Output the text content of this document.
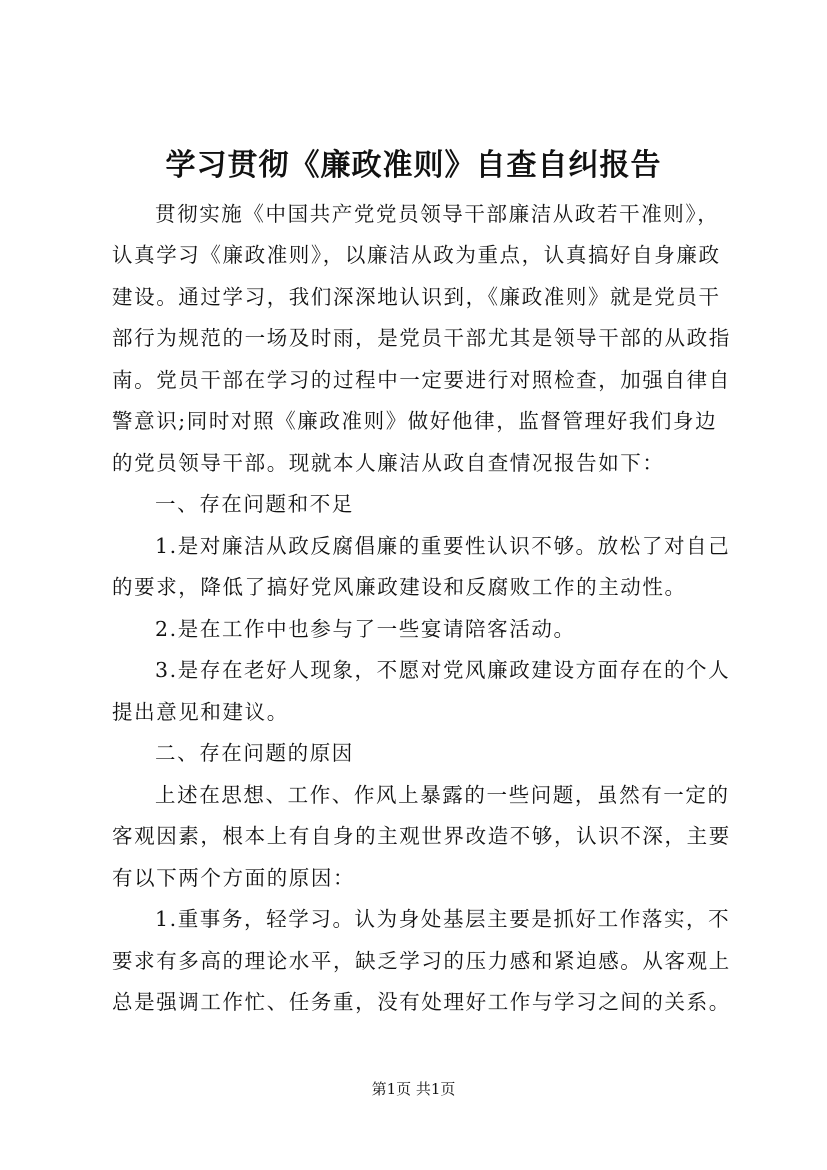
学习贯彻《廉政准则》自查自纠报告
贯彻实施《中国共产党党员领导干部廉洁从政若干准则》，
认真学习《廉政准则》，以廉洁从政为重点，认真搞好自身廉政
建设。通过学习，我们深深地认识到，《廉政准则》就是党员干
部行为规范的一场及时雨，是党员干部尤其是领导干部的从政指
南。党员干部在学习的过程中一定要进行对照检查，加强自律自
警意识;同时对照《廉政准则》做好他律，监督管理好我们身边
的党员领导干部。现就本人廉洁从政自查情况报告如下：
一、存在问题和不足
1.是对廉洁从政反腐倡廉的重要性认识不够。放松了对自己
的要求，降低了搞好党风廉政建设和反腐败工作的主动性。
2.是在工作中也参与了一些宴请陪客活动。
3.是存在老好人现象，不愿对党风廉政建设方面存在的个人
提出意见和建议。
二、存在问题的原因
上述在思想、工作、作风上暴露的一些问题，虽然有一定的
客观因素，根本上有自身的主观世界改造不够，认识不深，主要
有以下两个方面的原因：
1.重事务，轻学习。认为身处基层主要是抓好工作落实，不
要求有多高的理论水平，缺乏学习的压力感和紧迫感。从客观上
总是强调工作忙、任务重，没有处理好工作与学习之间的关系。
第1页 共1页
